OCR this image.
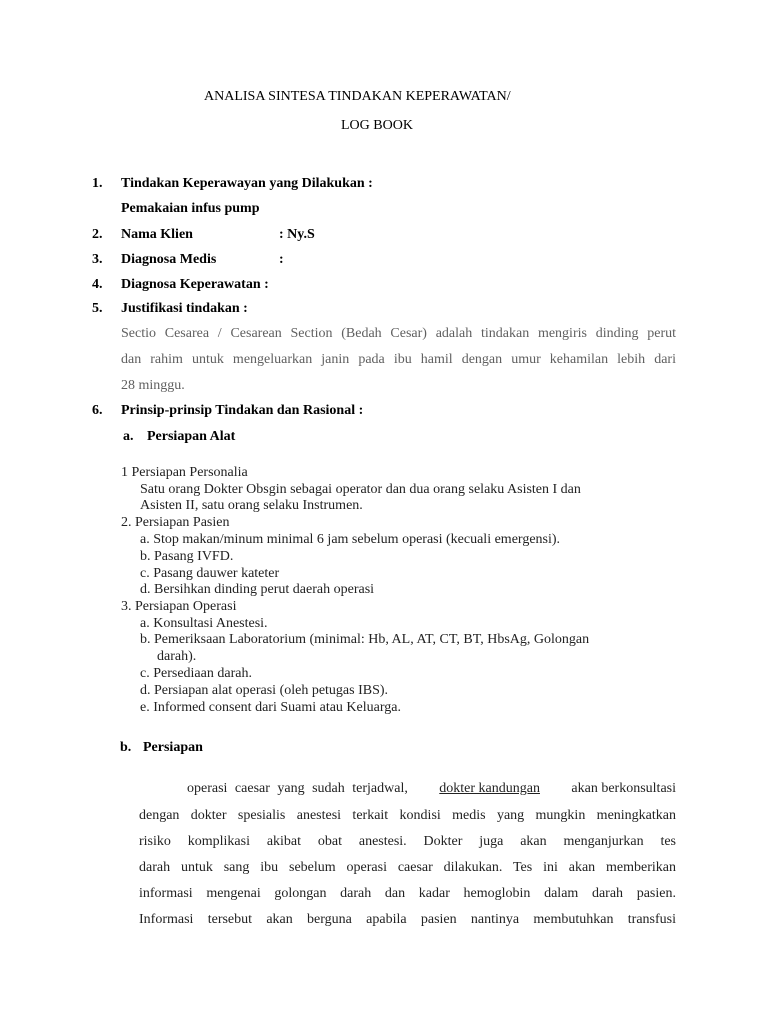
ANALISA SINTESA TINDAKAN KEPERAWATAN/
LOG BOOK
1. Tindakan Keperawayan yang Dilakukan :
Pemakaian infus pump
2. Nama Klien	: Ny.S
3. Diagnosa Medis	:
4. Diagnosa Keperawatan :
5. Justifikasi tindakan :
Sectio Cesarea / Cesarean Section (Bedah Cesar) adalah tindakan mengiris dinding perut
dan rahim untuk mengeluarkan janin pada ibu hamil dengan umur kehamilan lebih dari
28 minggu.
6. Prinsip-prinsip Tindakan dan Rasional :
a. Persiapan Alat
1 Persiapan Personalia
Satu orang Dokter Obsgin sebagai operator dan dua orang selaku Asisten I dan
Asisten II, satu orang selaku Instrumen.
2. Persiapan Pasien
a. Stop makan/minum minimal 6 jam sebelum operasi (kecuali emergensi).
b. Pasang IVFD.
c. Pasang dauwer kateter
d. Bersihkan dinding perut daerah operasi
3. Persiapan Operasi
a. Konsultasi Anestesi.
b. Pemeriksaan Laboratorium (minimal: Hb, AL, AT, CT, BT, HbsAg, Golongan
darah).
c. Persediaan darah.
d. Persiapan alat operasi (oleh petugas IBS).
e. Informed consent dari Suami atau Keluarga.
b. Persiapan
operasi caesar yang sudah terjadwal, dokter kandungan akan berkonsultasi
dengan dokter spesialis anestesi terkait kondisi medis yang mungkin meningkatkan
risiko komplikasi akibat obat anestesi. Dokter juga akan menganjurkan tes
darah untuk sang ibu sebelum operasi caesar dilakukan. Tes ini akan memberikan
informasi mengenai golongan darah dan kadar hemoglobin dalam darah pasien.
Informasi tersebut akan berguna apabila pasien nantinya membutuhkan transfusi
